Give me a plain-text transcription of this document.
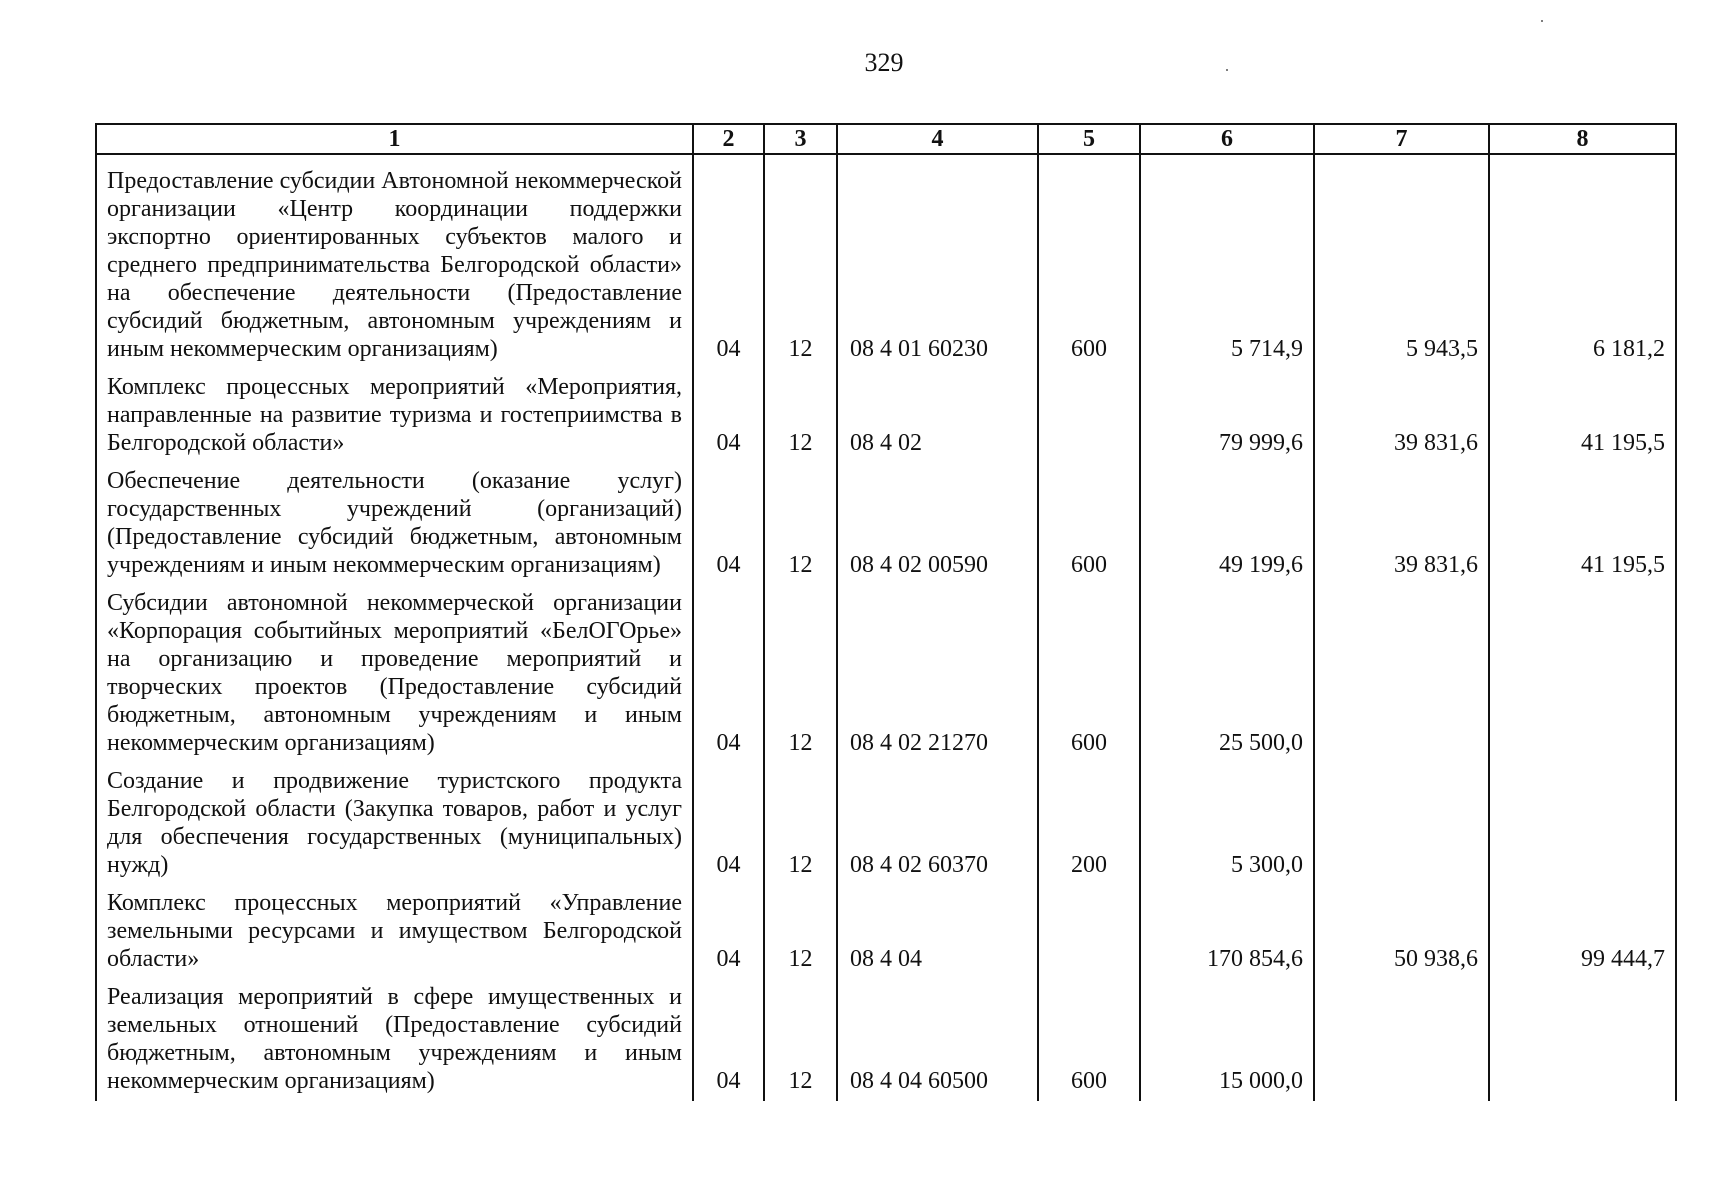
329
1	2	3	4	5	6	7	8
Предоставление субсидии Автономной некоммерческой организации «Центр координации поддержки экспортно ориентированных субъектов малого и среднего предпринимательства Белгородской области» на обеспечение деятельности (Предоставление субсидий бюджетным, автономным учреждениям и иным некоммерческим организациям)	04	12	08 4 01 60230	600	5 714,9	5 943,5	6 181,2
Комплекс процессных мероприятий «Мероприятия, направленные на развитие туризма и гостеприимства в Белгородской области»	04	12	08 4 02		79 999,6	39 831,6	41 195,5
Обеспечение деятельности (оказание услуг) государственных учреждений (организаций) (Предоставление субсидий бюджетным, автономным учреждениям и иным некоммерческим организациям)	04	12	08 4 02 00590	600	49 199,6	39 831,6	41 195,5
Субсидии автономной некоммерческой организации «Корпорация событийных мероприятий «БелОГОрье» на организацию и проведение мероприятий и творческих проектов (Предоставление субсидий бюджетным, автономным учреждениям и иным некоммерческим организациям)	04	12	08 4 02 21270	600	25 500,0		
Создание и продвижение туристского продукта Белгородской области (Закупка товаров, работ и услуг для обеспечения государственных (муниципальных) нужд)	04	12	08 4 02 60370	200	5 300,0		
Комплекс процессных мероприятий «Управление земельными ресурсами и имуществом Белгородской области»	04	12	08 4 04		170 854,6	50 938,6	99 444,7
Реализация мероприятий в сфере имущественных и земельных отношений (Предоставление субсидий бюджетным, автономным учреждениям и иным некоммерческим организациям)	04	12	08 4 04 60500	600	15 000,0		
